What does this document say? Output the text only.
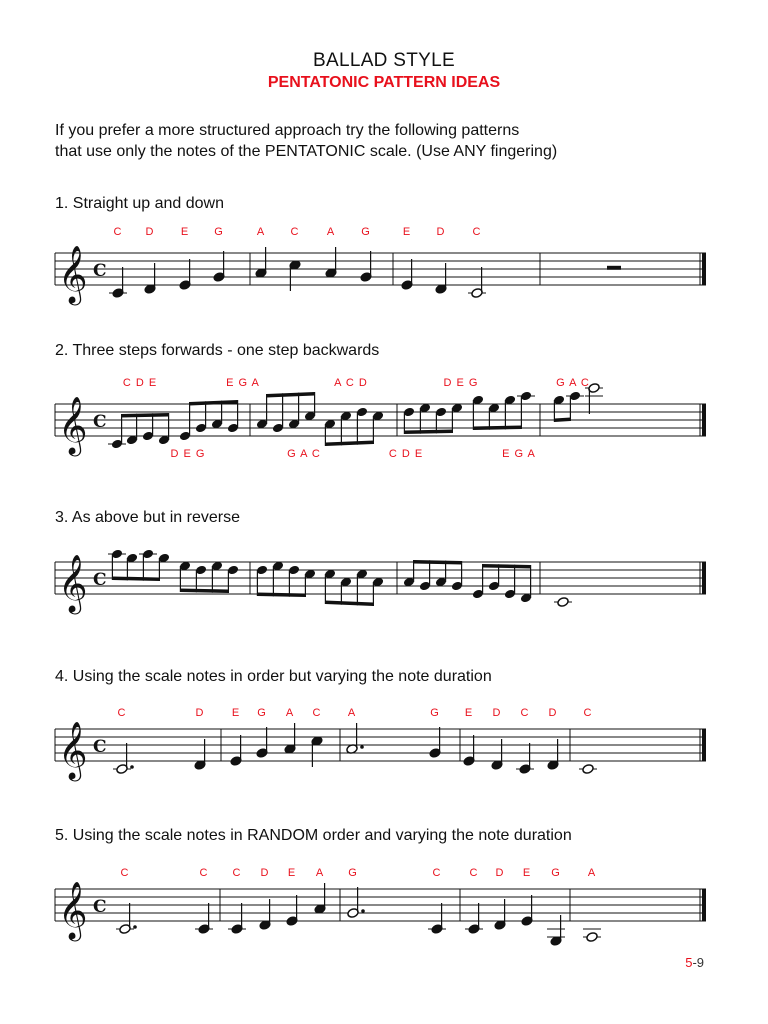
BALLAD STYLE
PENTATONIC PATTERN IDEAS
If you prefer a more structured approach try the following patterns
that use only the notes of the PENTATONIC scale. (Use ANY fingering)
1. Straight up and down
2. Three steps forwards - one step backwards
3. As above but in reverse
4. Using the scale notes in order but varying the note duration
5. Using the scale notes in RANDOM order and varying the note duration
𝄞 C
𝄞 C
𝄞 C
𝄞 C
𝄞 C
C D E G	A C A G	E D C
C D E	E G A	A C D	D E G	G A C
D E G	G A C	C D E	E G A
C	D E G A C A	G E D C D C
C	C C D E A G	C	C D E G A
5-9
